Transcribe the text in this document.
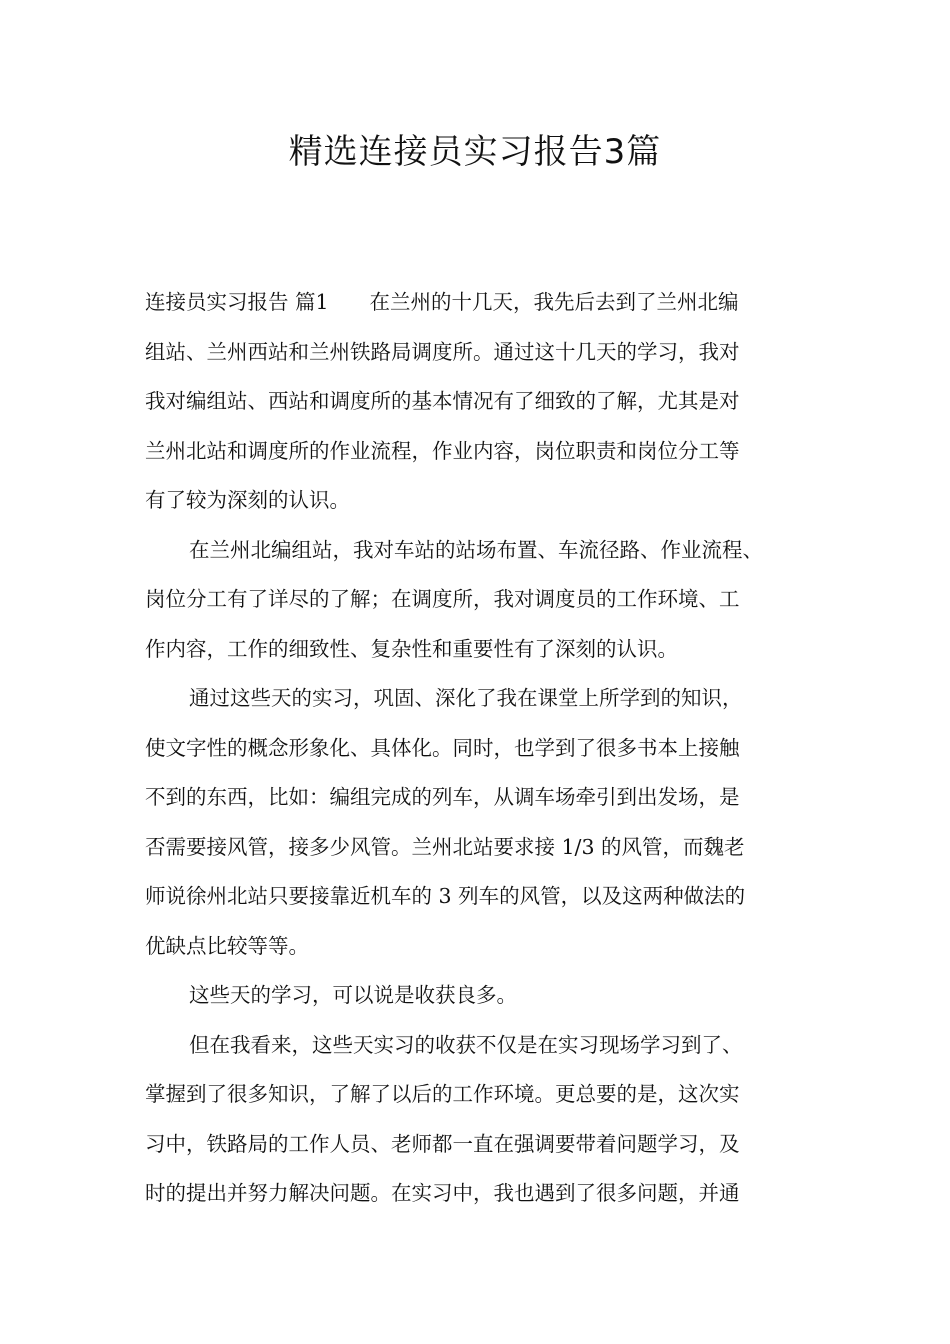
精选连接员实习报告3篇
连接员实习报告 篇1　　在兰州的十几天，我先后去到了兰州北编
组站、兰州西站和兰州铁路局调度所。通过这十几天的学习，我对
我对编组站、西站和调度所的基本情况有了细致的了解，尤其是对
兰州北站和调度所的作业流程，作业内容，岗位职责和岗位分工等
有了较为深刻的认识。
在兰州北编组站，我对车站的站场布置、车流径路、作业流程、
岗位分工有了详尽的了解；在调度所，我对调度员的工作环境、工
作内容，工作的细致性、复杂性和重要性有了深刻的认识。
通过这些天的实习，巩固、深化了我在课堂上所学到的知识，
使文字性的概念形象化、具体化。同时，也学到了很多书本上接触
不到的东西，比如：编组完成的列车，从调车场牵引到出发场，是
否需要接风管，接多少风管。兰州北站要求接 1/3 的风管，而魏老
师说徐州北站只要接靠近机车的 3 列车的风管，以及这两种做法的
优缺点比较等等。
这些天的学习，可以说是收获良多。
但在我看来，这些天实习的收获不仅是在实习现场学习到了、
掌握到了很多知识，了解了以后的工作环境。更总要的是，这次实
习中，铁路局的工作人员、老师都一直在强调要带着问题学习，及
时的提出并努力解决问题。在实习中，我也遇到了很多问题，并通
